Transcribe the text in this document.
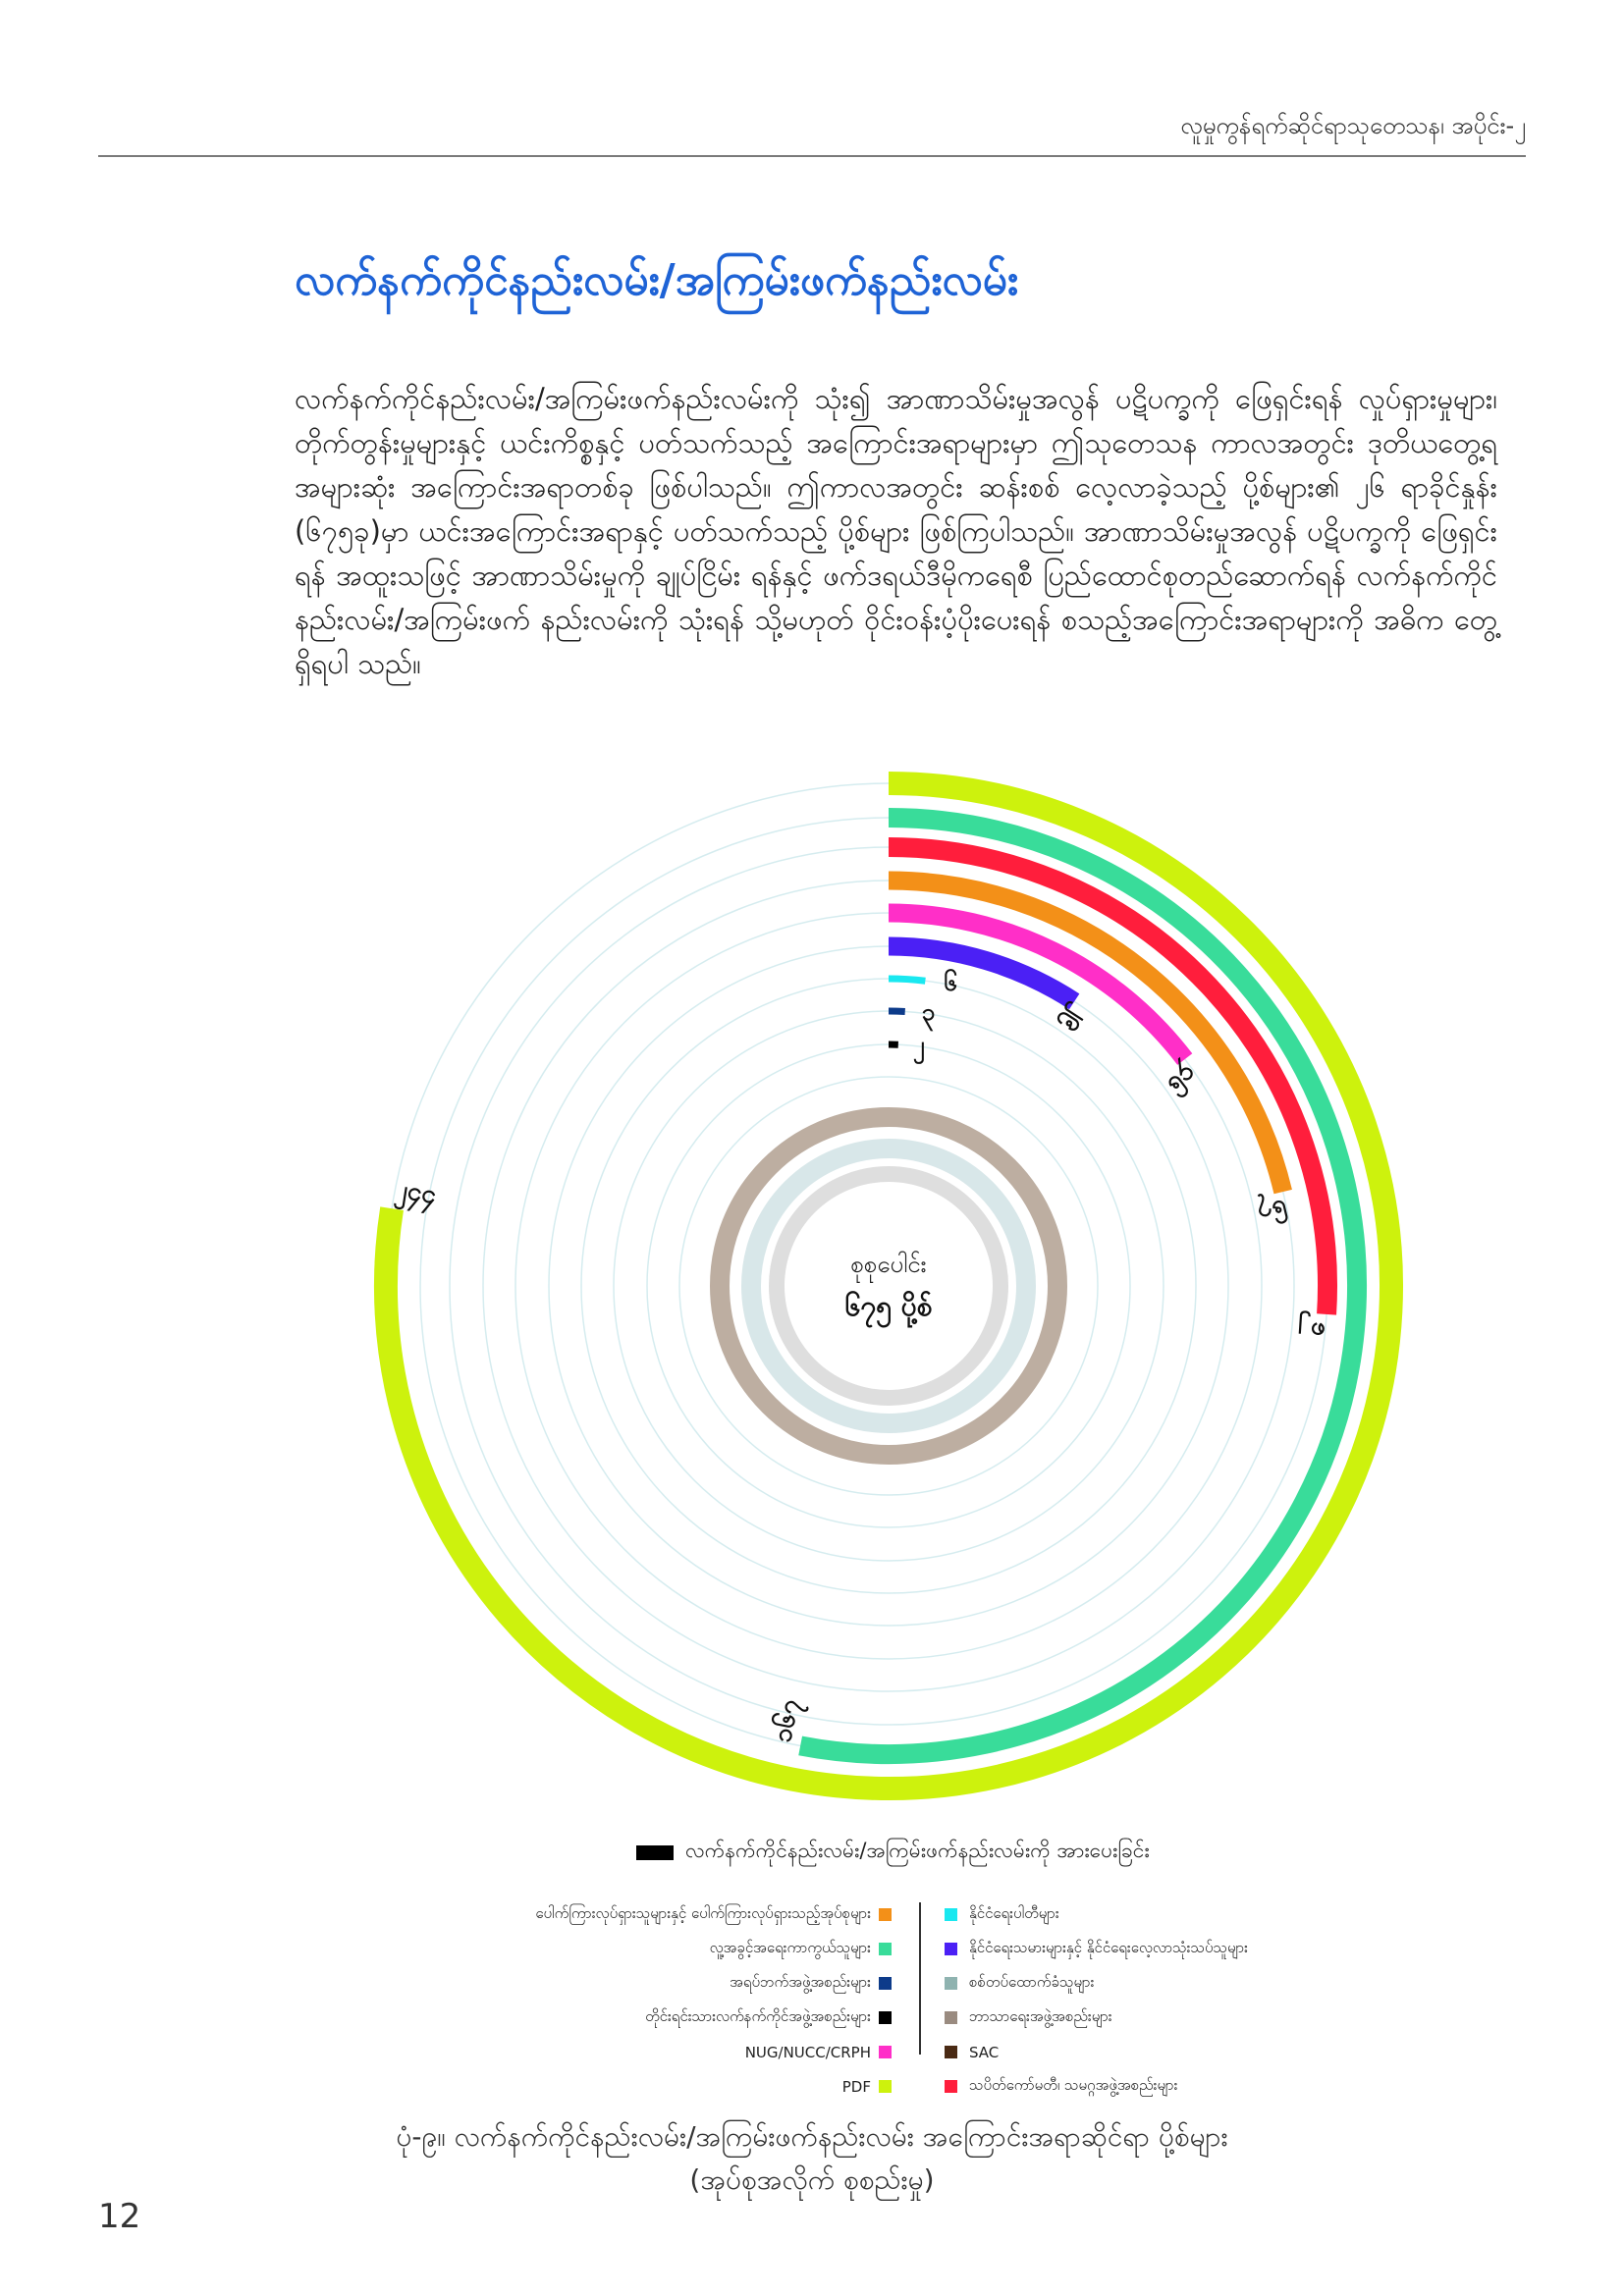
လူမှုကွန်ရက်ဆိုင်ရာသုတေသန၊ အပိုင်း-၂
လက်နက်ကိုင်နည်းလမ်း/အကြမ်းဖက်နည်းလမ်း

လက်နက်ကိုင်နည်းလမ်း/အကြမ်းဖက်နည်းလမ်းကို သုံး၍ အာဏာသိမ်းမှုအလွန် ပဋိပက္ခကို ဖြေရှင်းရန် လှုပ်ရှားမှုများ၊ တိုက်တွန်းမှုများနှင့် ယင်းကိစ္စနှင့် ပတ်သက်သည့် အကြောင်းအရာများမှာ ဤသုတေသန ကာလအတွင်း ဒုတိယတွေ့ရအများဆုံး အကြောင်းအရာတစ်ခု ဖြစ်ပါသည်။ ဤကာလအတွင်း ဆန်းစစ် လေ့လာခဲ့သည့် ပို့စ်များ၏ ၂၆ ရာခိုင်နှုန်း (၆၇၅ခု)မှာ ယင်းအကြောင်းအရာနှင့် ပတ်သက်သည့် ပို့စ်များ ဖြစ်ကြပါသည်။ အာဏာသိမ်းမှုအလွန် ပဋိပက္ခကို ဖြေရှင်းရန် အထူးသဖြင့် အာဏာသိမ်းမှုကို ချုပ်ငြိမ်း ရန်နှင့် ဖက်ဒရယ်ဒီမိုကရေစီ ပြည်ထောင်စုတည်ဆောက်ရန် လက်နက်ကိုင်နည်းလမ်း/အကြမ်းဖက် နည်းလမ်းကို သုံးရန် သို့မဟုတ် ဝိုင်းဝန်းပံ့ပိုးပေးရန် စသည့်အကြောင်းအရာများကို အဓိက တွေ့ရှိရပါ သည်။

၂၄၄
၁၆၇
၈၂
၆၇
၄၆
၂၉
၆
၃
၂
စုစုပေါင်း
၆၇၅ ပို့စ်
လက်နက်ကိုင်နည်းလမ်း/အကြမ်းဖက်နည်းလမ်းကို အားပေးခြင်း
ပေါက်ကြားလုပ်ရှားသူများနှင့် ပေါက်ကြားလုပ်ရှားသည့်အုပ်စုများ
လူ့အခွင့်အရေးကာကွယ်သူများ
အရပ်ဘက်အဖွဲ့အစည်းများ
တိုင်းရင်းသားလက်နက်ကိုင်အဖွဲ့အစည်းများ
NUG/NUCC/CRPH
PDF
နိုင်ငံရေးပါတီများ
နိုင်ငံရေးသမားများနှင့် နိုင်ငံရေးလေ့လာသုံးသပ်သူများ
စစ်တပ်ထောက်ခံသူများ
ဘာသာရေးအဖွဲ့အစည်းများ
SAC
သပိတ်ကော်မတီ၊ သမဂ္ဂအဖွဲ့အစည်းများ
ပုံ-၉။ လက်နက်ကိုင်နည်းလမ်း/အကြမ်းဖက်နည်းလမ်း အကြောင်းအရာဆိုင်ရာ ပို့စ်များ
(အုပ်စုအလိုက် စုစည်းမှု)
12
